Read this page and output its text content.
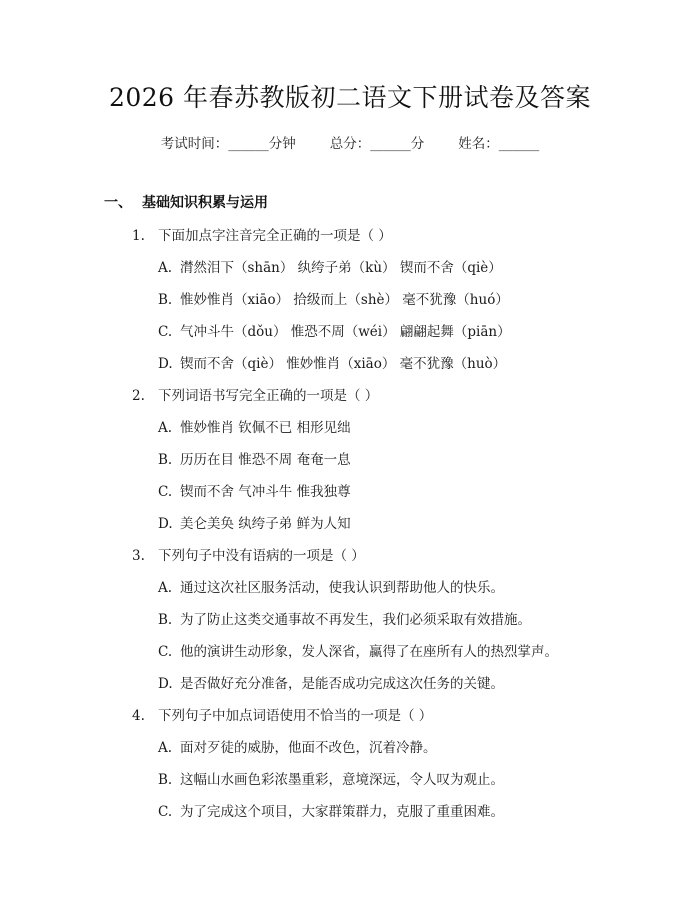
2026 年春苏教版初二语文下册试卷及答案
考试时间：______分钟	总分：______分	姓名：______
一、 基础知识积累与运用
1. 下面加点字注音完全正确的一项是（ ）
A. 潸然泪下（shān） 纨绔子弟（kù） 锲而不舍（qiè）
B. 惟妙惟肖（xiāo） 拾级而上（shè） 毫不犹豫（huó）
C. 气冲斗牛（dǒu） 惟恐不周（wéi） 翩翩起舞（piān）
D. 锲而不舍（qiè） 惟妙惟肖（xiāo） 毫不犹豫（huò）
2. 下列词语书写完全正确的一项是（ ）
A. 惟妙惟肖 钦佩不已 相形见绌
B. 历历在目 惟恐不周 奄奄一息
C. 锲而不舍 气冲斗牛 惟我独尊
D. 美仑美奂 纨绔子弟 鲜为人知
3. 下列句子中没有语病的一项是（ ）
A. 通过这次社区服务活动，使我认识到帮助他人的快乐。
B. 为了防止这类交通事故不再发生，我们必须采取有效措施。
C. 他的演讲生动形象，发人深省，赢得了在座所有人的热烈掌声。
D. 是否做好充分准备，是能否成功完成这次任务的关键。
4. 下列句子中加点词语使用不恰当的一项是（ ）
A. 面对歹徒的威胁，他面不改色，沉着冷静。
B. 这幅山水画色彩浓墨重彩，意境深远，令人叹为观止。
C. 为了完成这个项目，大家群策群力，克服了重重困难。
